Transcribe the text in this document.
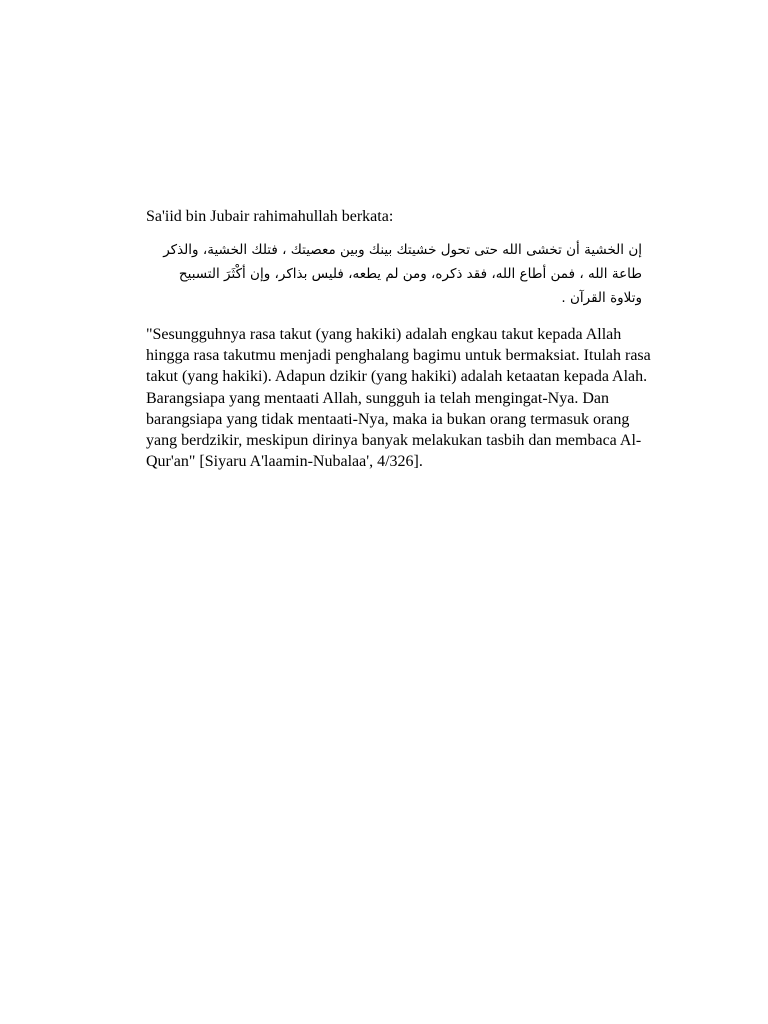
Sa'iid bin Jubair rahimahullah berkata:

إن الخشية أن تخشى الله حتى تحول خشيتك بينك وبين معصيتك ، فتلك الخشية، والذكر طاعة الله ، فمن أطاع الله، فقد ذكره، ومن لم يطعه، فليس بذاكر، وإن أكْثَرَ التسبيح وتلاوة القرآن .

"Sesungguhnya rasa takut (yang hakiki) adalah engkau takut kepada Allah hingga rasa takutmu menjadi penghalang bagimu untuk bermaksiat. Itulah rasa takut (yang hakiki). Adapun dzikir (yang hakiki) adalah ketaatan kepada Alah. Barangsiapa yang mentaati Allah, sungguh ia telah mengingat-Nya. Dan barangsiapa yang tidak mentaati-Nya, maka ia bukan orang termasuk orang yang berdzikir, meskipun dirinya banyak melakukan tasbih dan membaca Al-Qur'an" [Siyaru A'laamin-Nubalaa', 4/326].
